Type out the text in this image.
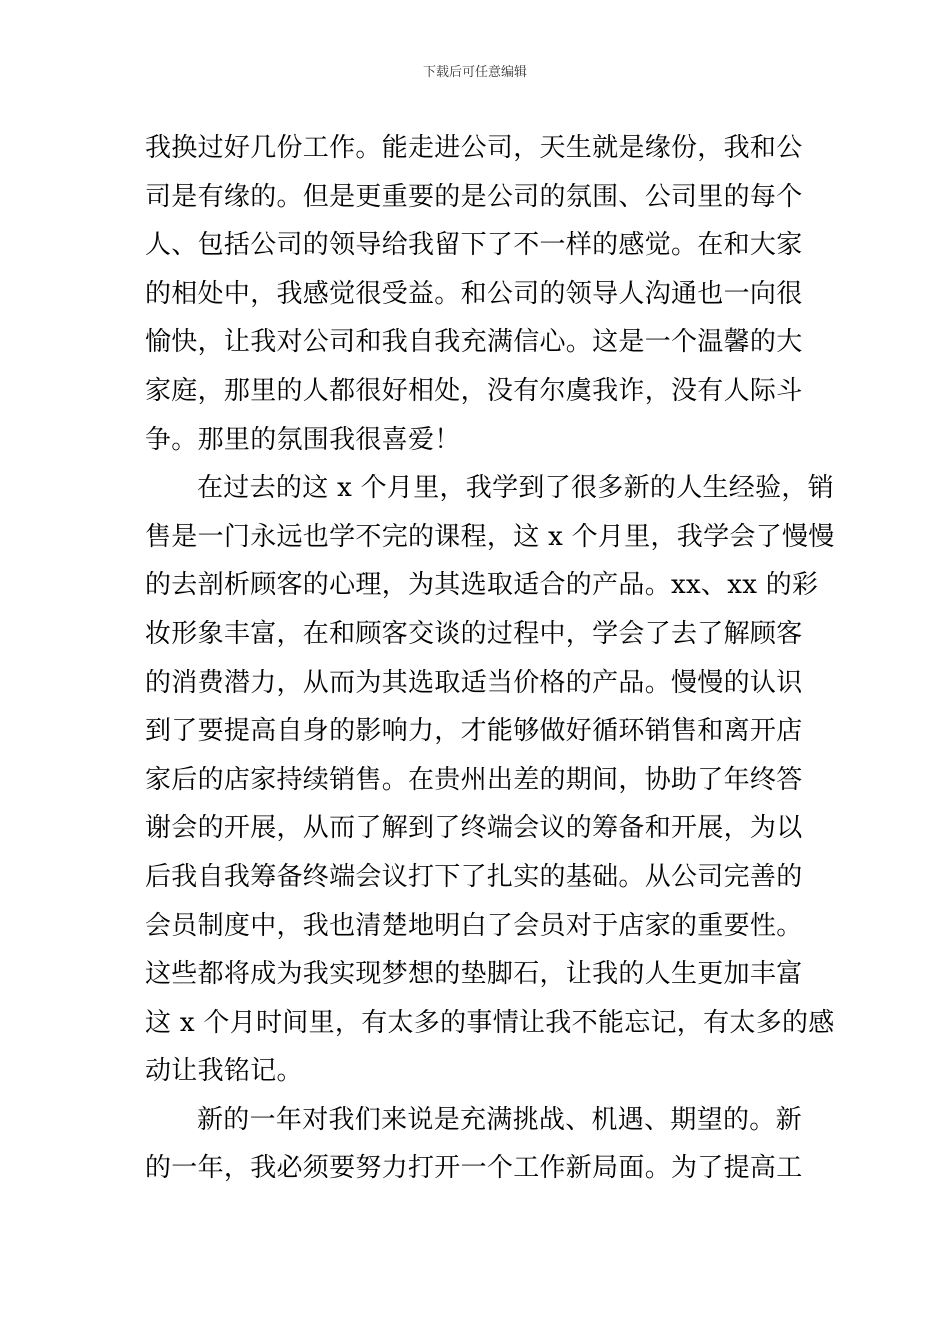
下载后可任意编辑
我换过好几份工作。能走进公司，天生就是缘份，我和公
司是有缘的。但是更重要的是公司的氛围、公司里的每个
人、包括公司的领导给我留下了不一样的感觉。在和大家
的相处中，我感觉很受益。和公司的领导人沟通也一向很
愉快，让我对公司和我自我充满信心。这是一个温馨的大
家庭，那里的人都很好相处，没有尔虞我诈，没有人际斗
争。那里的氛围我很喜爱！
在过去的这 x 个月里，我学到了很多新的人生经验，销
售是一门永远也学不完的课程，这 x 个月里，我学会了慢慢
的去剖析顾客的心理，为其选取适合的产品。xx、xx 的彩
妆形象丰富，在和顾客交谈的过程中，学会了去了解顾客
的消费潜力，从而为其选取适当价格的产品。慢慢的认识
到了要提高自身的影响力，才能够做好循环销售和离开店
家后的店家持续销售。在贵州出差的期间，协助了年终答
谢会的开展，从而了解到了终端会议的筹备和开展，为以
后我自我筹备终端会议打下了扎实的基础。从公司完善的
会员制度中，我也清楚地明白了会员对于店家的重要性。
这些都将成为我实现梦想的垫脚石，让我的人生更加丰富
这 x 个月时间里，有太多的事情让我不能忘记，有太多的感
动让我铭记。
新的一年对我们来说是充满挑战、机遇、期望的。新
的一年，我必须要努力打开一个工作新局面。为了提高工
